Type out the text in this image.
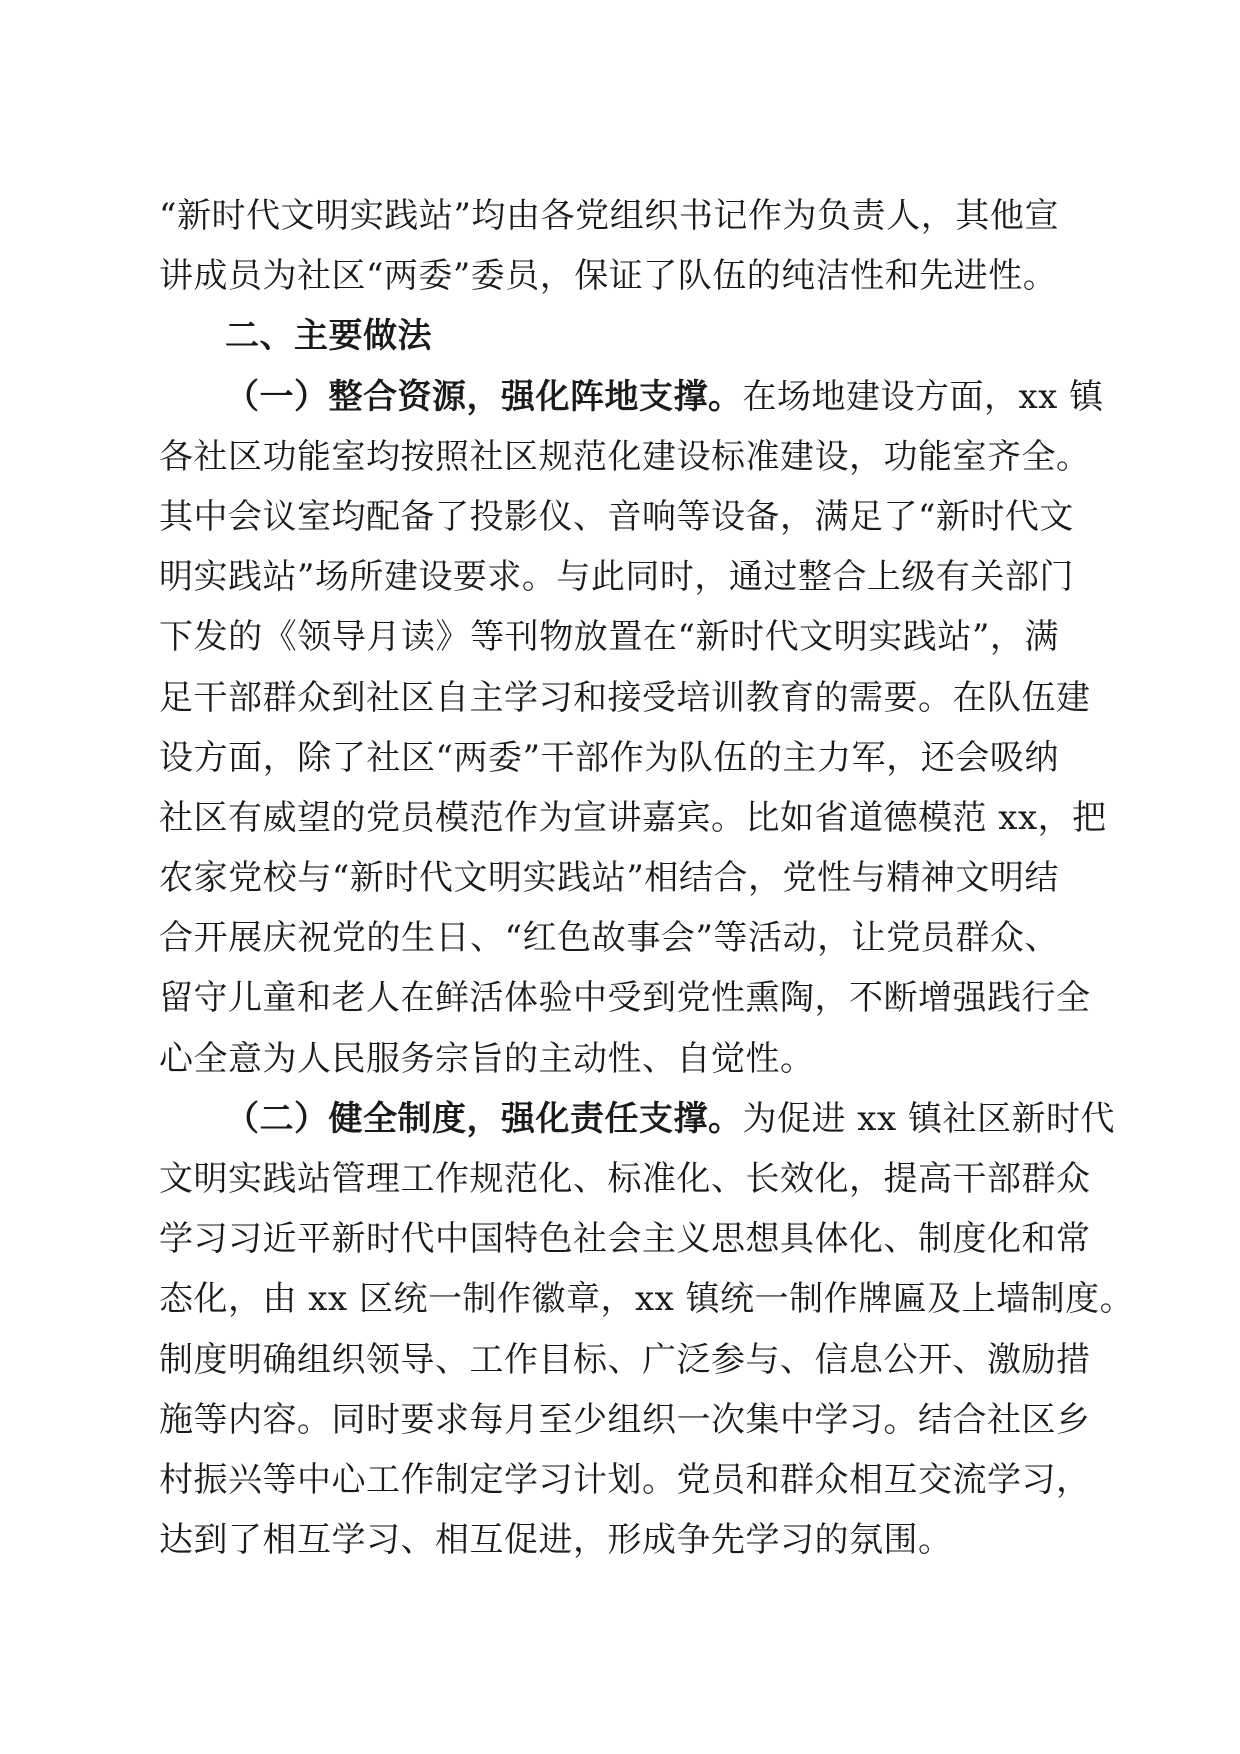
“新时代文明实践站”均由各党组织书记作为负责人，其他宣
讲成员为社区“两委”委员，保证了队伍的纯洁性和先进性。
二、主要做法
（一）整合资源，强化阵地支撑。在场地建设方面，xx 镇
各社区功能室均按照社区规范化建设标准建设，功能室齐全。
其中会议室均配备了投影仪、音响等设备，满足了“新时代文
明实践站”场所建设要求。与此同时，通过整合上级有关部门
下发的《领导月读》等刊物放置在“新时代文明实践站”，满
足干部群众到社区自主学习和接受培训教育的需要。在队伍建
设方面，除了社区“两委”干部作为队伍的主力军，还会吸纳
社区有威望的党员模范作为宣讲嘉宾。比如省道德模范 xx，把
农家党校与“新时代文明实践站”相结合，党性与精神文明结
合开展庆祝党的生日、“红色故事会”等活动，让党员群众、
留守儿童和老人在鲜活体验中受到党性熏陶，不断增强践行全
心全意为人民服务宗旨的主动性、自觉性。
（二）健全制度，强化责任支撑。为促进 xx 镇社区新时代
文明实践站管理工作规范化、标准化、长效化，提高干部群众
学习习近平新时代中国特色社会主义思想具体化、制度化和常
态化，由 xx 区统一制作徽章，xx 镇统一制作牌匾及上墙制度。
制度明确组织领导、工作目标、广泛参与、信息公开、激励措
施等内容。同时要求每月至少组织一次集中学习。结合社区乡
村振兴等中心工作制定学习计划。党员和群众相互交流学习，
达到了相互学习、相互促进，形成争先学习的氛围。
